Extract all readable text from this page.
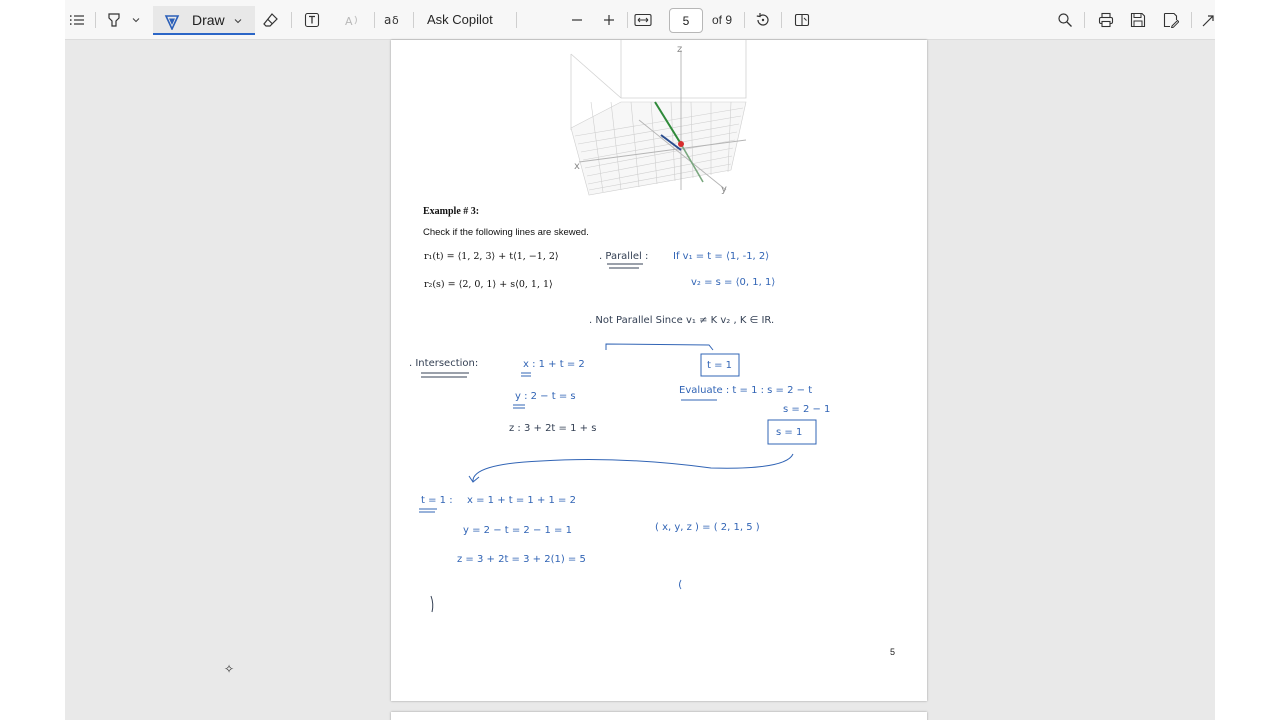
Draw	A	a δ Ask Copilot	5	of 9
z
x
y
Example # 3:
Check if the following lines are skewed.
r₁(t) = ⟨1, 2, 3⟩ + t⟨1, −1, 2⟩
r₂(s) = ⟨2, 0, 1⟩ + s⟨0, 1, 1⟩
. Parallel : If v₁ = t = ⟨1, -1, 2⟩
v₂ = s = ⟨0, 1, 1⟩
. Not Parallel Since v₁ ≠ K v₂ , K ∈ IR.
. Intersection:	x : 1 + t = 2	t = 1
y : 2 − t = s
Evaluate : t = 1 : s = 2 − t
s = 2 − 1
s = 1
z : 3 + 2t = 1 + s
t = 1 : x = 1 + t = 1 + 1 = 2
y = 2 − t = 2 − 1 = 1	( x, y, z ) = ( 2, 1, 5 )
z = 3 + 2t = 3 + 2(1) = 5
5
✧
